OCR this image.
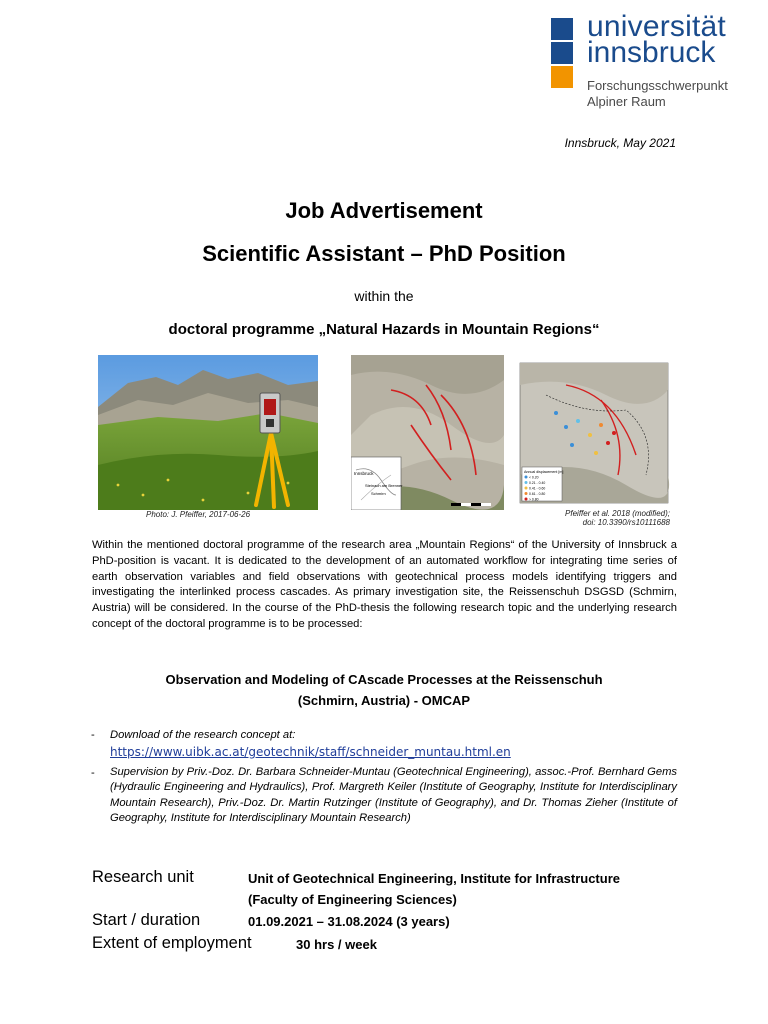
universität
innsbruck
Forschungsschwerpunkt
Alpiner Raum
Innsbruck, May 2021
Job Advertisement
Scientific Assistant – PhD Position
within the
doctoral programme „Natural Hazards in Mountain Regions“
Innsbruck
Steinach am Brenner
Schmirn
Annual displacement [m]
< 0.20
0.21 - 0.40
0.41 - 0.60
0.61 - 0.80
> 0.80
Photo: J. Pfeiffer, 2017-06-26	Pfeiffer et al. 2018 (modified);
doi: 10.3390/rs10111688
Within the mentioned doctoral programme of the research area „Mountain Regions“ of the University of Innsbruck a PhD-position is vacant. It is dedicated to the development of an automated workflow for integrating time series of earth observation variables and field observations with geotechnical process models identifying triggers and investigating the interlinked process cascades. As primary investigation site, the Reissenschuh DSGSD (Schmirn, Austria) will be considered. In the course of the PhD-thesis the following research topic and the underlying research concept of the doctoral programme is to be processed:
Observation and Modeling of CAscade Processes at the Reissenschuh
(Schmirn, Austria) - OMCAP
- Download of the research concept at:
https://www.uibk.ac.at/geotechnik/staff/schneider_muntau.html.en
- Supervision by Priv.-Doz. Dr. Barbara Schneider-Muntau (Geotechnical Engineering), assoc.-Prof. Bernhard Gems (Hydraulic Engineering and Hydraulics), Prof. Margreth Keiler (Institute of Geography, Institute for Interdisciplinary Mountain Research), Priv.-Doz. Dr. Martin Rutzinger (Institute of Geography), and Dr. Thomas Zieher (Institute of Geography, Institute for Interdisciplinary Mountain Research)
Research unit	Unit of Geotechnical Engineering, Institute for Infrastructure
(Faculty of Engineering Sciences)
Start / duration	01.09.2021 – 31.08.2024 (3 years)
Extent of employment	30 hrs / week
